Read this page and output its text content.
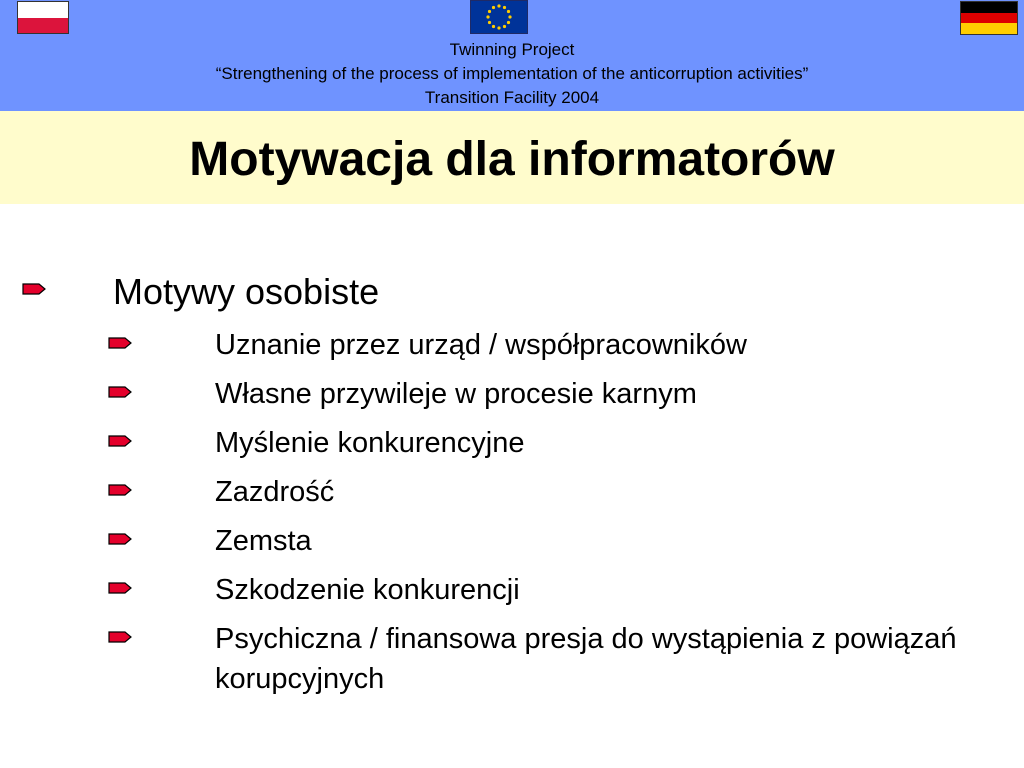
Twinning Project
“Strengthening of the process of implementation of the anticorruption activities”
Transition Facility 2004
Motywacja dla informatorów
Motywy osobiste
Uznanie przez urząd / współpracowników
Własne przywileje w procesie karnym
Myślenie konkurencyjne
Zazdrość
Zemsta
Szkodzenie konkurencji
Psychiczna / finansowa presja do wystąpienia z powiązań korupcyjnych
